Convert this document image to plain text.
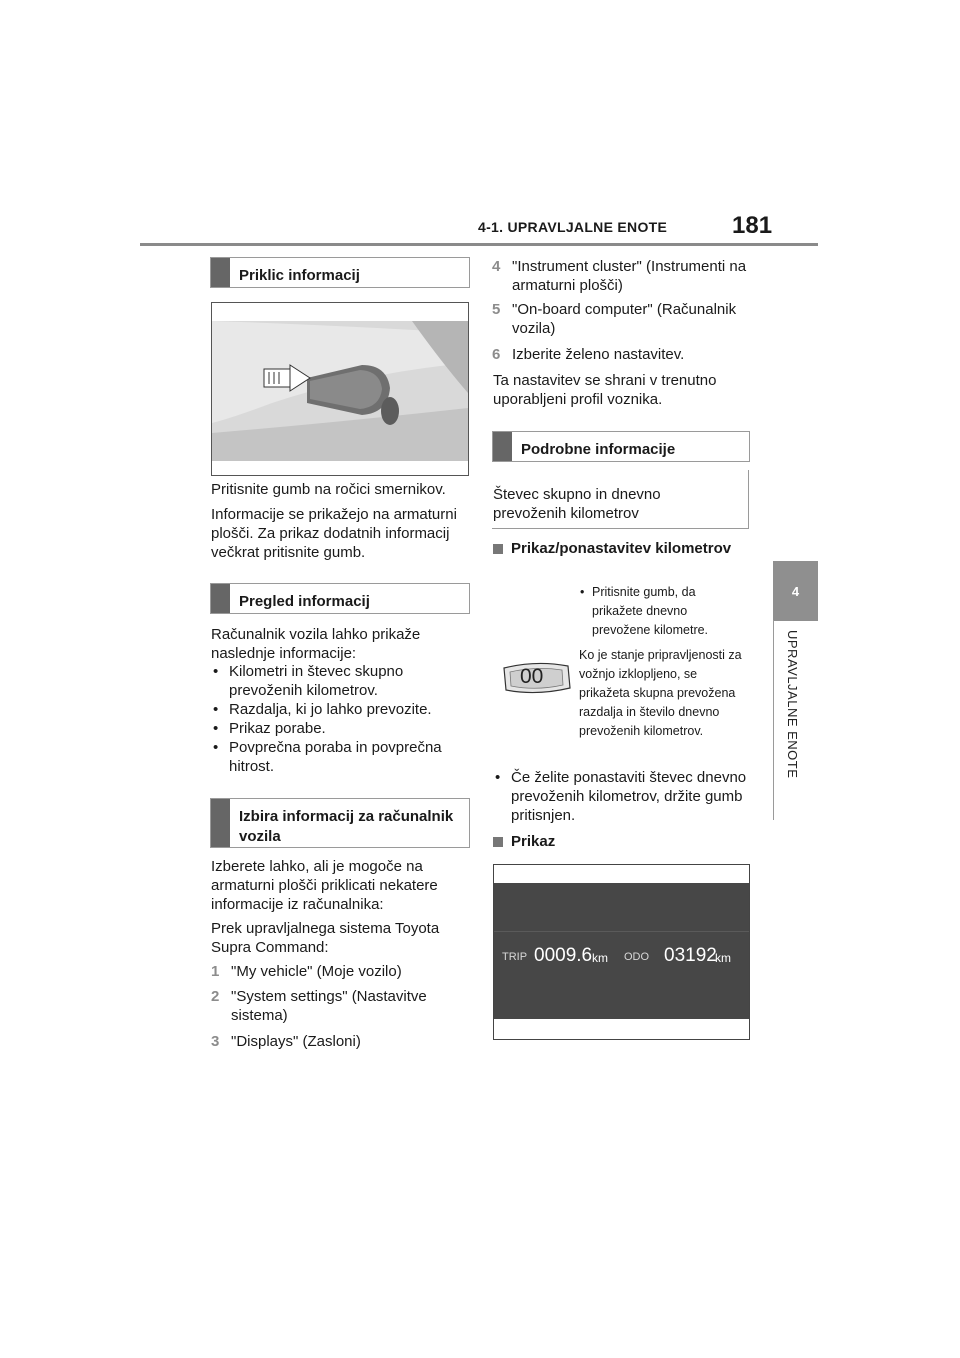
4-1. UPRAVLJALNE ENOTE	181
4
UPRAVLJALNE ENOTE
Priklic informacij
Pritisnite gumb na ročici smernikov.
Informacije se prikažejo na armaturni plošči. Za prikaz dodatnih informacij večkrat pritisnite gumb.
Pregled informacij
Računalnik vozila lahko prikaže naslednje informacije:
• Kilometri in števec skupno prevoženih kilometrov.
• Razdalja, ki jo lahko prevozite.
• Prikaz porabe.
• Povprečna poraba in povprečna hitrost.
Izbira informacij za računalnik vozila
Izberete lahko, ali je mogoče na armaturni plošči priklicati nekatere informacije iz računalnika:
Prek upravljalnega sistema Toyota Supra Command:
1 "My vehicle" (Moje vozilo)
2 "System settings" (Nastavitve sistema)
3 "Displays" (Zasloni)
4 "Instrument cluster" (Instrumenti na armaturni plošči)
5 "On-board computer" (Računalnik vozila)
6 Izberite želeno nastavitev.
Ta nastavitev se shrani v trenutno uporabljeni profil voznika.
Podrobne informacije
Števec skupno in dnevno prevoženih kilometrov
Prikaz/ponastavitev kilometrov
• Pritisnite gumb, da prikažete dnevno prevožene kilometre.
00
Ko je stanje pripravljenosti za vožnjo izklopljeno, se prikažeta skupna prevožena razdalja in število dnevno prevoženih kilometrov.
• Če želite ponastaviti števec dnevno prevoženih kilometrov, držite gumb pritisnjen.
Prikaz
TRIP 0009.6 km ODO 03192
km
